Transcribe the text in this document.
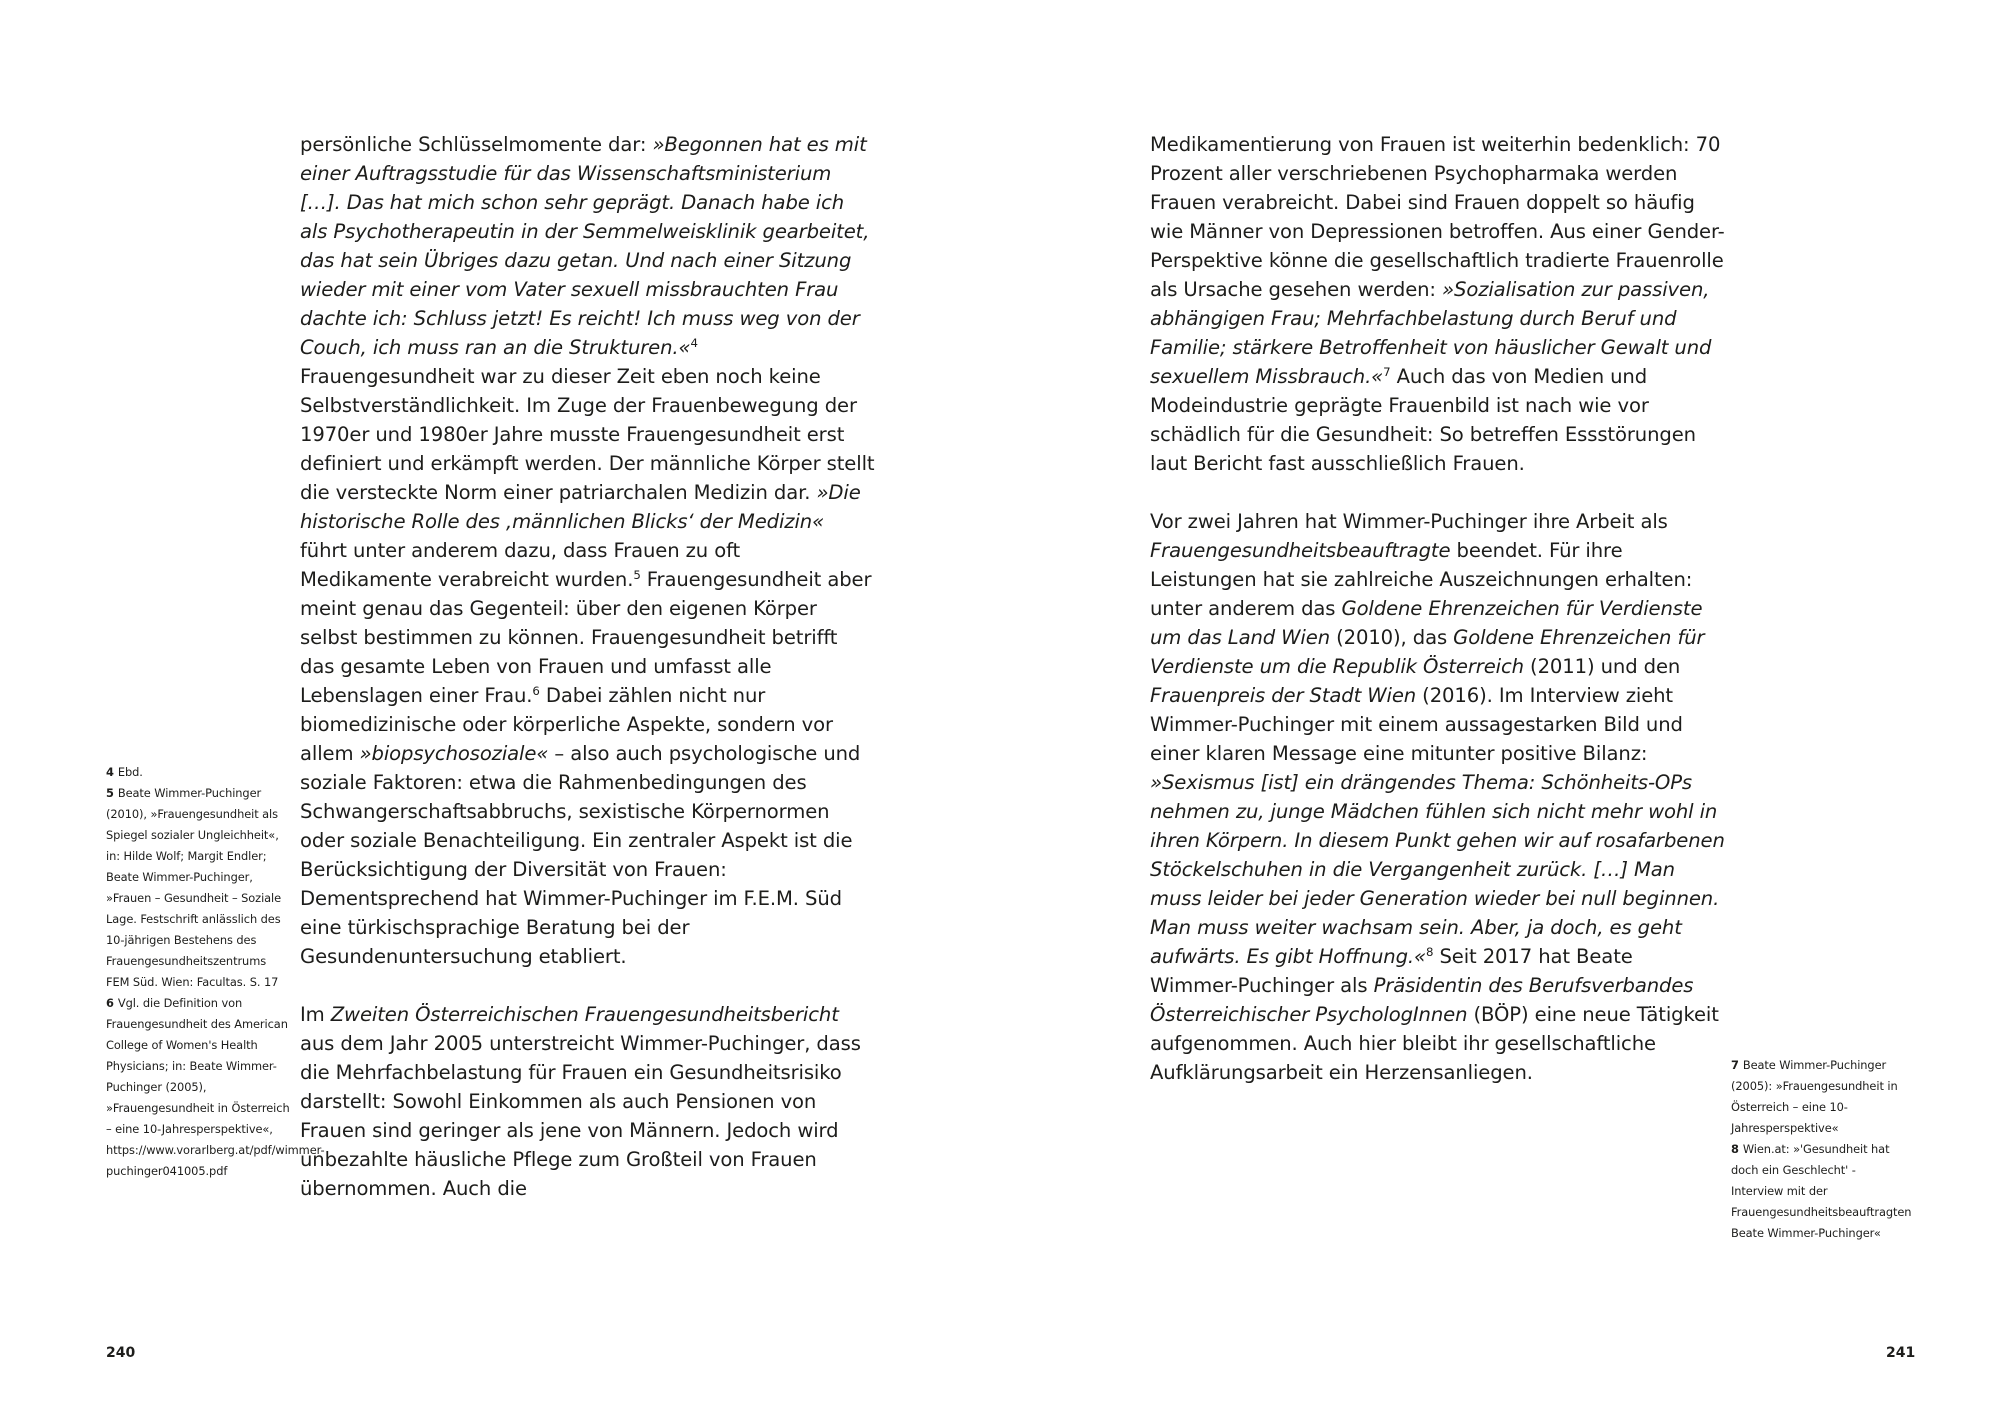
persönliche Schlüsselmomente dar: »Begonnen hat es mit einer Auftragsstudie für das Wissenschaftsministerium […]. Das hat mich schon sehr geprägt. Danach habe ich als Psychotherapeutin in der Semmelweisklinik gearbeitet, das hat sein Übriges dazu getan. Und nach einer Sitzung wieder mit einer vom Vater sexuell missbrauchten Frau dachte ich: Schluss jetzt! Es reicht! Ich muss weg von der Couch, ich muss ran an die Strukturen.«$^4$

Frauengesundheit war zu dieser Zeit eben noch keine Selbstverständlichkeit. Im Zuge der Frauenbewegung der 1970er und 1980er Jahre musste Frauengesundheit erst definiert und erkämpft werden. Der männliche Körper stellt die versteckte Norm einer patriarchalen Medizin dar. »Die historische Rolle des ‚männlichen Blicks‘ der Medizin« führt unter anderem dazu, dass Frauen zu oft Medikamente verabreicht wurden.$^5$ Frauengesundheit aber meint genau das Gegenteil: über den eigenen Körper selbst bestimmen zu können. Frauengesundheit betrifft das gesamte Leben von Frauen und umfasst alle Lebenslagen einer Frau.$^6$ Dabei zählen nicht nur biomedizinische oder körperliche Aspekte, sondern vor allem »biopsychosoziale« – also auch psychologische und soziale Faktoren: etwa die Rahmenbedingungen des Schwangerschaftsabbruchs, sexistische Körpernormen oder soziale Benachteiligung. Ein zentraler Aspekt ist die Berücksichtigung der Diversität von Frauen: Dementsprechend hat Wimmer-Puchinger im F.E.M. Süd eine türkischsprachige Beratung bei der Gesundenuntersuchung etabliert.

Im Zweiten Österreichischen Frauengesundheitsbericht aus dem Jahr 2005 unterstreicht Wimmer-Puchinger, dass die Mehrfachbelastung für Frauen ein Gesundheitsrisiko darstellt: Sowohl Einkommen als auch Pensionen von Frauen sind geringer als jene von Männern. Jedoch wird unbezahlte häusliche Pflege zum Großteil von Frauen übernommen. Auch die

4 Ebd.

5 Beate Wimmer-Puchinger (2010), »Frauengesundheit als Spiegel sozialer Ungleichheit«, in: Hilde Wolf; Margit Endler; Beate Wimmer-Puchinger, »Frauen – Gesundheit – Soziale Lage. Festschrift anlässlich des 10-jährigen Bestehens des Frauengesundheitszentrums FEM Süd. Wien: Facultas. S. 17

6 Vgl. die Definition von Frauengesundheit des American College of Women's Health Physicians; in: Beate Wimmer-Puchinger (2005), »Frauengesundheit in Österreich – eine 10-Jahresperspektive«, https://www.vorarlberg.at/pdf/wimmer-puchinger041005.pdf

240

Medikamentierung von Frauen ist weiterhin bedenklich: 70 Prozent aller verschriebenen Psychopharmaka werden Frauen verabreicht. Dabei sind Frauen doppelt so häufig wie Männer von Depressionen betroffen. Aus einer Gender-Perspektive könne die gesellschaftlich tradierte Frauenrolle als Ursache gesehen werden: »Sozialisation zur passiven, abhängigen Frau; Mehrfachbelastung durch Beruf und Familie; stärkere Betroffenheit von häuslicher Gewalt und sexuellem Missbrauch.«$^7$ Auch das von Medien und Modeindustrie geprägte Frauenbild ist nach wie vor schädlich für die Gesundheit: So betreffen Essstörungen laut Bericht fast ausschließlich Frauen.

Vor zwei Jahren hat Wimmer-Puchinger ihre Arbeit als Frauengesundheitsbeauftragte beendet. Für ihre Leistungen hat sie zahlreiche Auszeichnungen erhalten: unter anderem das Goldene Ehrenzeichen für Verdienste um das Land Wien (2010), das Goldene Ehrenzeichen für Verdienste um die Republik Österreich (2011) und den Frauenpreis der Stadt Wien (2016). Im Interview zieht Wimmer-Puchinger mit einem aussagestarken Bild und einer klaren Message eine mitunter positive Bilanz: »Sexismus [ist] ein drängendes Thema: Schönheits-OPs nehmen zu, junge Mädchen fühlen sich nicht mehr wohl in ihren Körpern. In diesem Punkt gehen wir auf rosafarbenen Stöckelschuhen in die Vergangenheit zurück. […] Man muss leider bei jeder Generation wieder bei null beginnen. Man muss weiter wachsam sein. Aber, ja doch, es geht aufwärts. Es gibt Hoffnung.«$^8$ Seit 2017 hat Beate Wimmer-Puchinger als Präsidentin des Berufsverbandes Österreichischer PsychologInnen (BÖP) eine neue Tätigkeit aufgenommen. Auch hier bleibt ihr gesellschaftliche Aufklärungsarbeit ein Herzensanliegen.	7 Beate Wimmer-Puchinger (2005): »Frauengesundheit in Österreich – eine 10-Jahresperspektive«

8 Wien.at: »'Gesundheit hat doch ein Geschlecht' - Interview mit der Frauengesundheitsbeauftragten Beate Wimmer-Puchinger«

241
